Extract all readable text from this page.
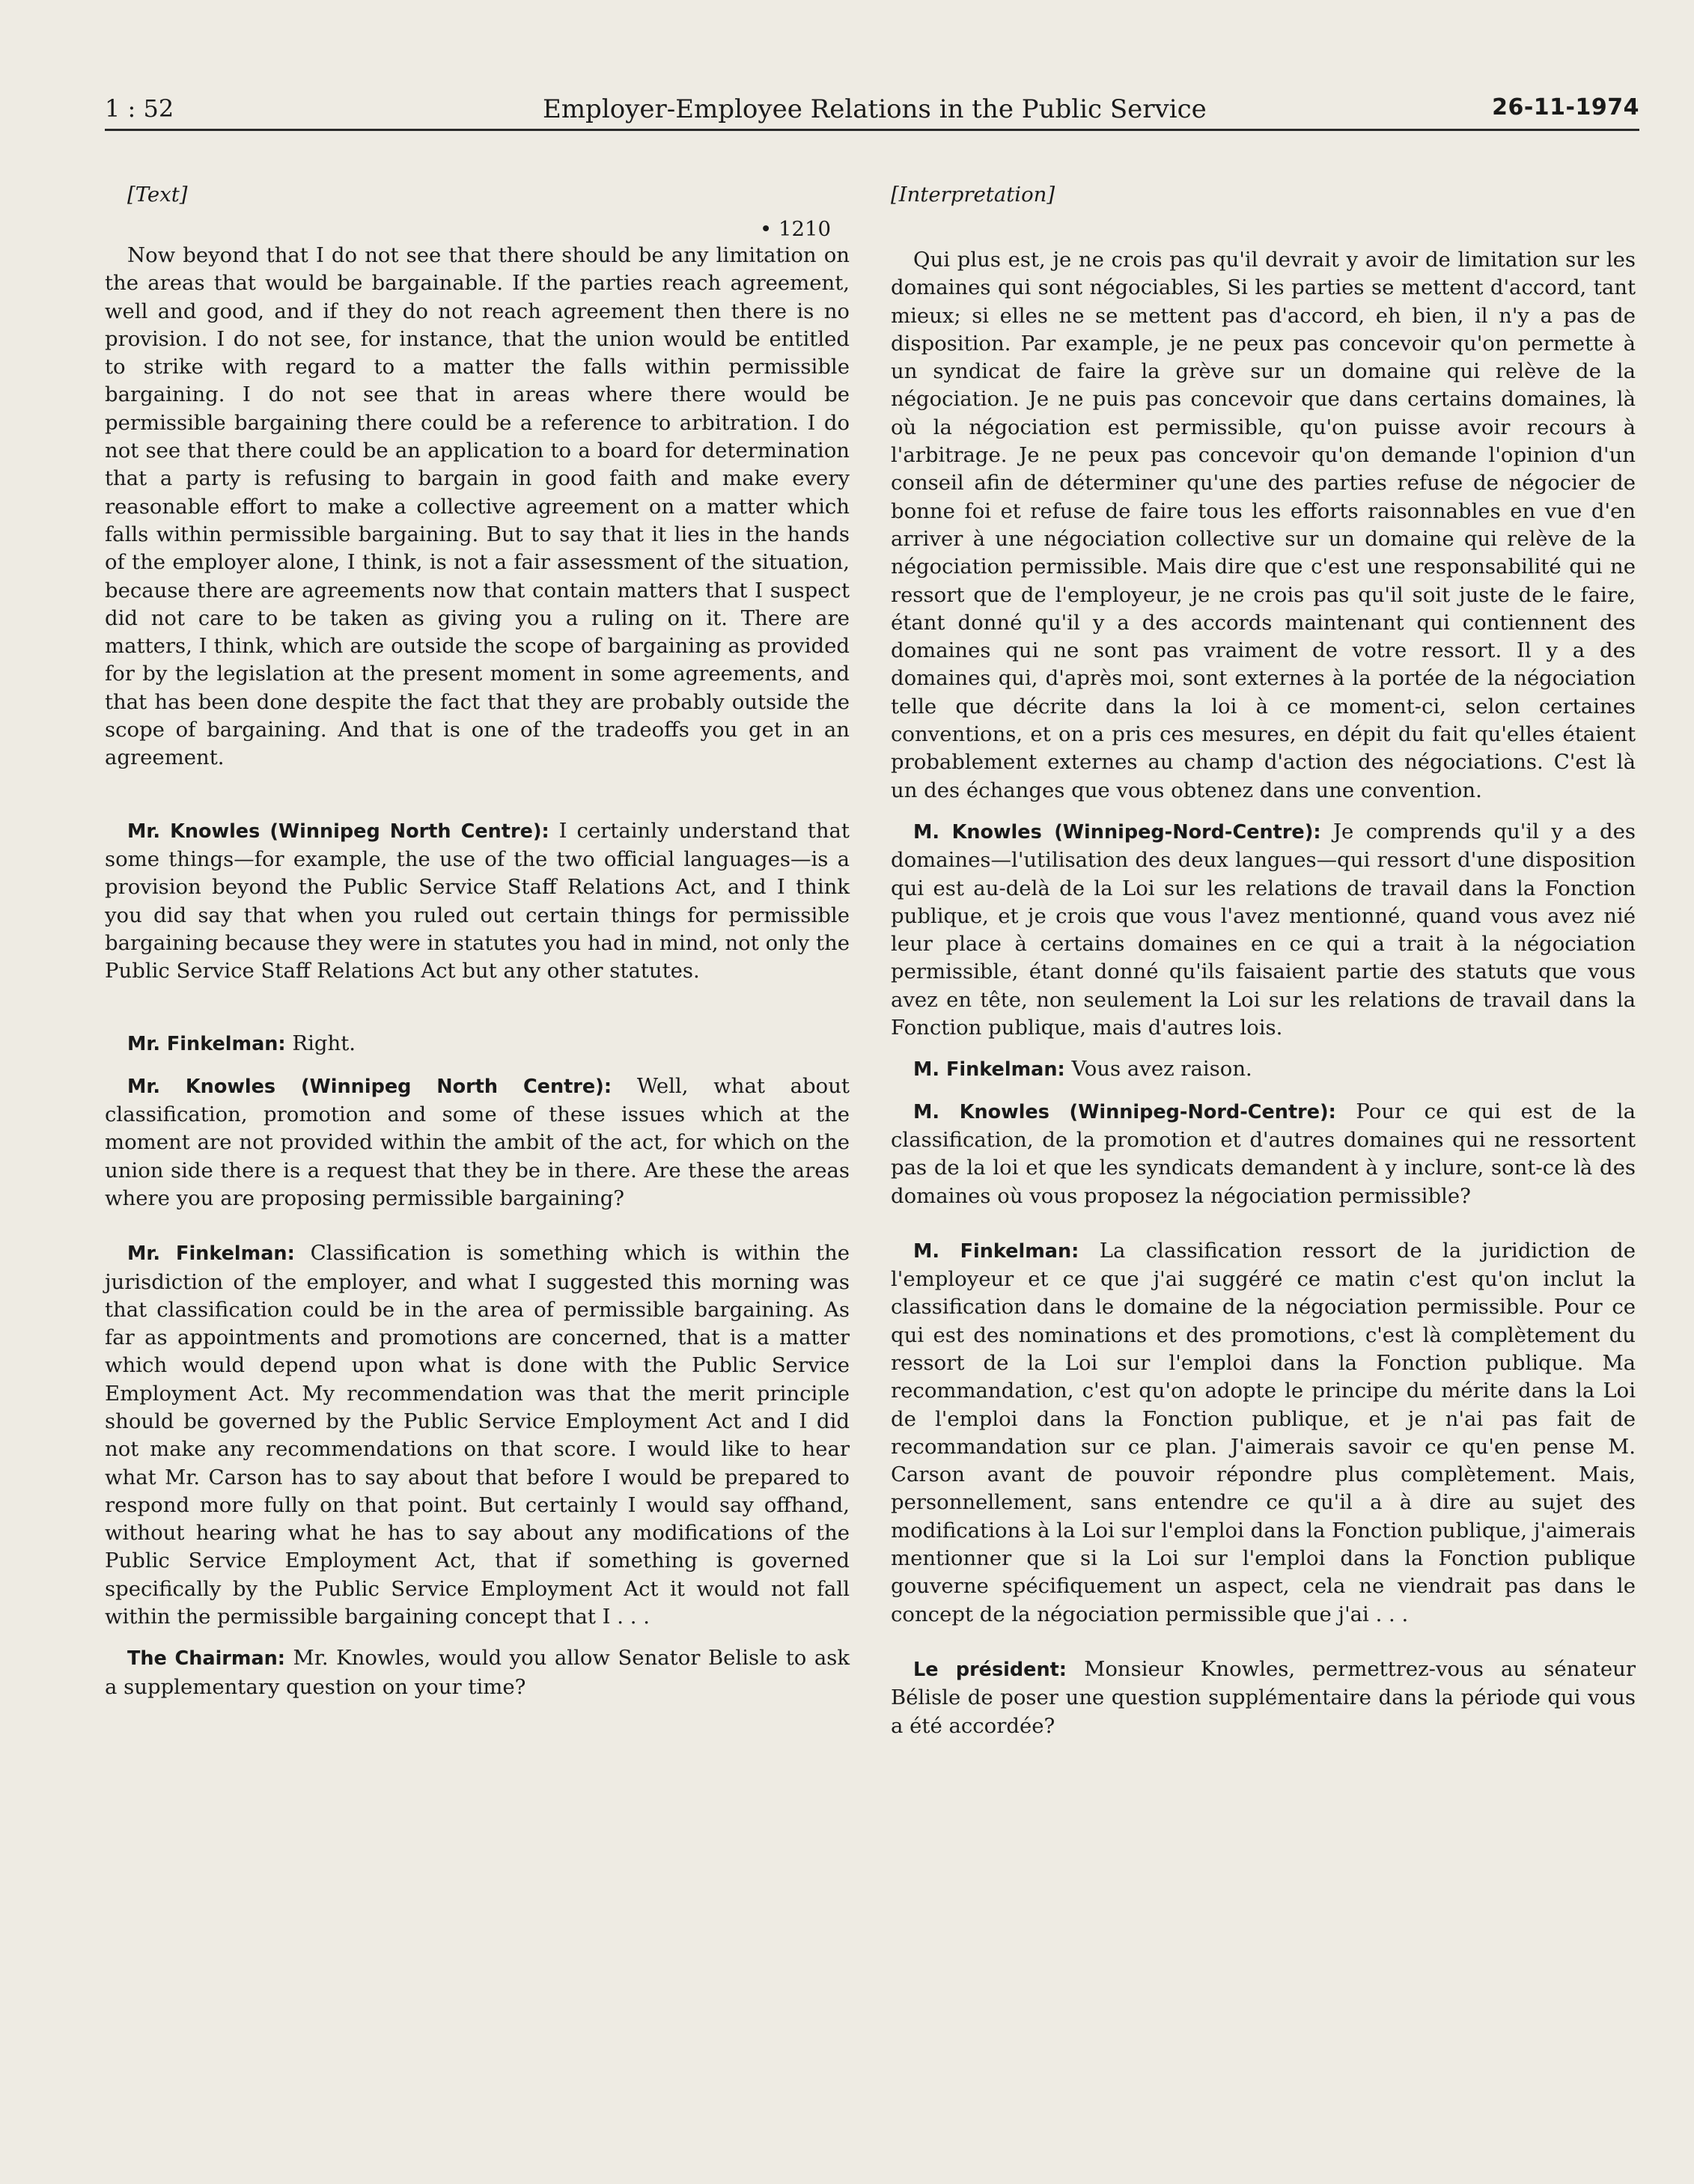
1 : 52	Employer-Employee Relations in the Public Service	26-11-1974
[Text]
• 1210

Now beyond that I do not see that there should be any limitation on the areas that would be bargainable. If the parties reach agreement, well and good, and if they do not reach agreement then there is no provision. I do not see, for instance, that the union would be entitled to strike with regard to a matter the falls within permissible bargaining. I do not see that in areas where there would be permissible bargaining there could be a reference to arbitration. I do not see that there could be an application to a board for determination that a party is refusing to bargain in good faith and make every reasonable effort to make a collective agreement on a matter which falls within permissible bargaining. But to say that it lies in the hands of the employer alone, I think, is not a fair assessment of the situation, because there are agreements now that contain matters that I suspect did not care to be taken as giving you a ruling on it. There are matters, I think, which are outside the scope of bargaining as provided for by the legislation at the present moment in some agreements, and that has been done despite the fact that they are probably outside the scope of bargaining. And that is one of the tradeoffs you get in an agreement.

Mr. Knowles (Winnipeg North Centre): I certainly understand that some things—for example, the use of the two official languages—is a provision beyond the Public Service Staff Relations Act, and I think you did say that when you ruled out certain things for permissible bargaining because they were in statutes you had in mind, not only the Public Service Staff Relations Act but any other statutes.

Mr. Finkelman: Right.

Mr. Knowles (Winnipeg North Centre): Well, what about classification, promotion and some of these issues which at the moment are not provided within the ambit of the act, for which on the union side there is a request that they be in there. Are these the areas where you are proposing permissible bargaining?

Mr. Finkelman: Classification is something which is within the jurisdiction of the employer, and what I suggested this morning was that classification could be in the area of permissible bargaining. As far as appointments and promotions are concerned, that is a matter which would depend upon what is done with the Public Service Employment Act. My recommendation was that the merit principle should be governed by the Public Service Employment Act and I did not make any recommendations on that score. I would like to hear what Mr. Carson has to say about that before I would be prepared to respond more fully on that point. But certainly I would say offhand, without hearing what he has to say about any modifications of the Public Service Employment Act, that if something is governed specifically by the Public Service Employment Act it would not fall within the permissible bargaining concept that I . . .

The Chairman: Mr. Knowles, would you allow Senator Belisle to ask a supplementary question on your time?

[Interpretation]

Qui plus est, je ne crois pas qu'il devrait y avoir de limitation sur les domaines qui sont négociables, Si les parties se mettent d'accord, tant mieux; si elles ne se mettent pas d'accord, eh bien, il n'y a pas de disposition. Par example, je ne peux pas concevoir qu'on permette à un syndicat de faire la grève sur un domaine qui relève de la négociation. Je ne puis pas concevoir que dans certains domaines, là où la négociation est permissible, qu'on puisse avoir recours à l'arbitrage. Je ne peux pas concevoir qu'on demande l'opinion d'un conseil afin de déterminer qu'une des parties refuse de négocier de bonne foi et refuse de faire tous les efforts raisonnables en vue d'en arriver à une négociation collective sur un domaine qui relève de la négociation permissible. Mais dire que c'est une responsabilité qui ne ressort que de l'employeur, je ne crois pas qu'il soit juste de le faire, étant donné qu'il y a des accords maintenant qui contiennent des domaines qui ne sont pas vraiment de votre ressort. Il y a des domaines qui, d'après moi, sont externes à la portée de la négociation telle que décrite dans la loi à ce moment-ci, selon certaines conventions, et on a pris ces mesures, en dépit du fait qu'elles étaient probablement externes au champ d'action des négociations. C'est là un des échanges que vous obtenez dans une convention.

M. Knowles (Winnipeg-Nord-Centre): Je comprends qu'il y a des domaines—l'utilisation des deux langues—qui ressort d'une disposition qui est au-delà de la Loi sur les relations de travail dans la Fonction publique, et je crois que vous l'avez mentionné, quand vous avez nié leur place à certains domaines en ce qui a trait à la négociation permissible, étant donné qu'ils faisaient partie des statuts que vous avez en tête, non seulement la Loi sur les relations de travail dans la Fonction publique, mais d'autres lois.

M. Finkelman: Vous avez raison.

M. Knowles (Winnipeg-Nord-Centre): Pour ce qui est de la classification, de la promotion et d'autres domaines qui ne ressortent pas de la loi et que les syndicats demandent à y inclure, sont-ce là des domaines où vous proposez la négociation permissible?

M. Finkelman: La classification ressort de la juridiction de l'employeur et ce que j'ai suggéré ce matin c'est qu'on inclut la classification dans le domaine de la négociation permissible. Pour ce qui est des nominations et des promotions, c'est là complètement du ressort de la Loi sur l'emploi dans la Fonction publique. Ma recommandation, c'est qu'on adopte le principe du mérite dans la Loi de l'emploi dans la Fonction publique, et je n'ai pas fait de recommandation sur ce plan. J'aimerais savoir ce qu'en pense M. Carson avant de pouvoir répondre plus complètement. Mais, personnellement, sans entendre ce qu'il a à dire au sujet des modifications à la Loi sur l'emploi dans la Fonction publique, j'aimerais mentionner que si la Loi sur l'emploi dans la Fonction publique gouverne spécifiquement un aspect, cela ne viendrait pas dans le concept de la négociation permissible que j'ai . . .

Le président: Monsieur Knowles, permettrez-vous au sénateur Bélisle de poser une question supplémentaire dans la période qui vous a été accordée?
